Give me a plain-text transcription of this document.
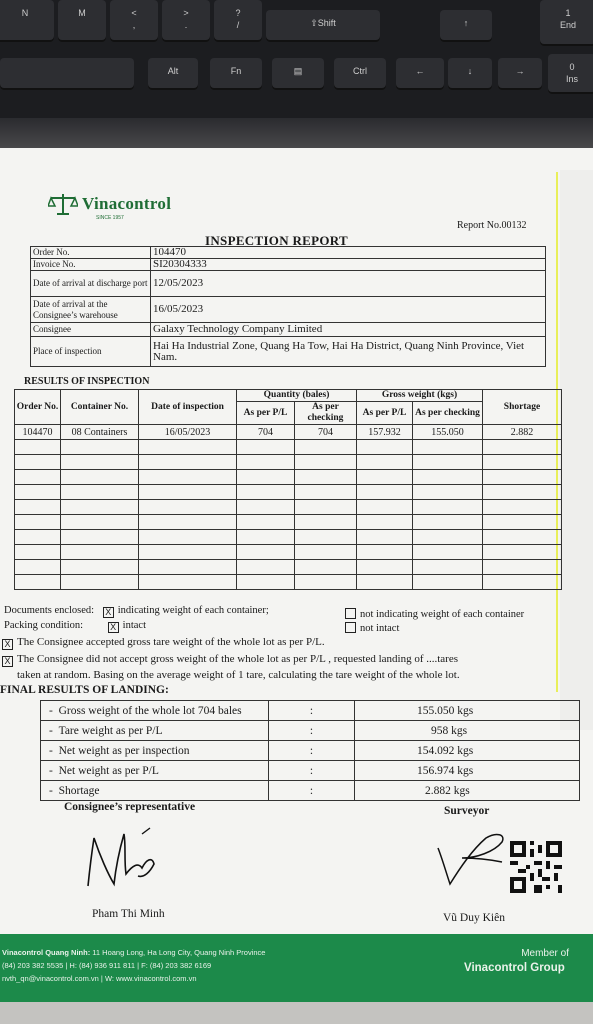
N	M	<
,
>
.
?
/	⇧Shift	↑
1
End
Alt	Fn	▤	Ctrl	←	↓	→	0
Ins
Vinacontrol
SINCE 1957
Report No.00132
INSPECTION REPORT
Order No.	104470
Invoice No.	SI20304333
Date of arrival at discharge port	12/05/2023
Date of arrival at the Consignee’s warehouse	16/05/2023
Consignee	Galaxy Technology Company Limited
Place of inspection	Hai Ha Industrial Zone, Quang Ha Tow, Hai Ha District, Quang Ninh Province, Viet Nam.
RESULTS OF INSPECTION
Order No.	Container No.	Date of inspection	Quantity (bales)		Gross weight (kgs)		Shortage
			As per P/L	As per checking	As per P/L	As per checking	
104470	08 Containers	16/05/2023	704	704	157.932	155.050	2.882

Documents enclosed: X indicating weight of each container;	not indicating weight of each container
Packing condition:	X intact	not intact
X The Consignee accepted gross tare weight of the whole lot as per P/L.
X The Consignee did not accept gross weight of the whole lot as per P/L , requested landing of ....tares
taken at random. Basing on the average weight of 1 tare, calculating the tare weight of the whole lot.
FINAL RESULTS OF LANDING:
-  Gross weight of the whole lot 704 bales	:	155.050 kgs
-  Tare weight as per P/L	:	958 kgs
-  Net weight as per inspection	:	154.092 kgs
-  Net weight as per P/L	:	156.974 kgs
-  Shortage	:	2.882 kgs
Consignee’s representative	Surveyor
Pham Thi Minh	Vũ Duy Kiên
Vinacontrol Quang Ninh: 11 Hoang Long, Ha Long City, Quang Ninh Province
(84) 203 382 5535 | H: (84) 936 911 811 | F: (84) 203 382 6169
nvth_qn@vinacontrol.com.vn | W: www.vinacontrol.com.vn
Member of
Vinacontrol Group
